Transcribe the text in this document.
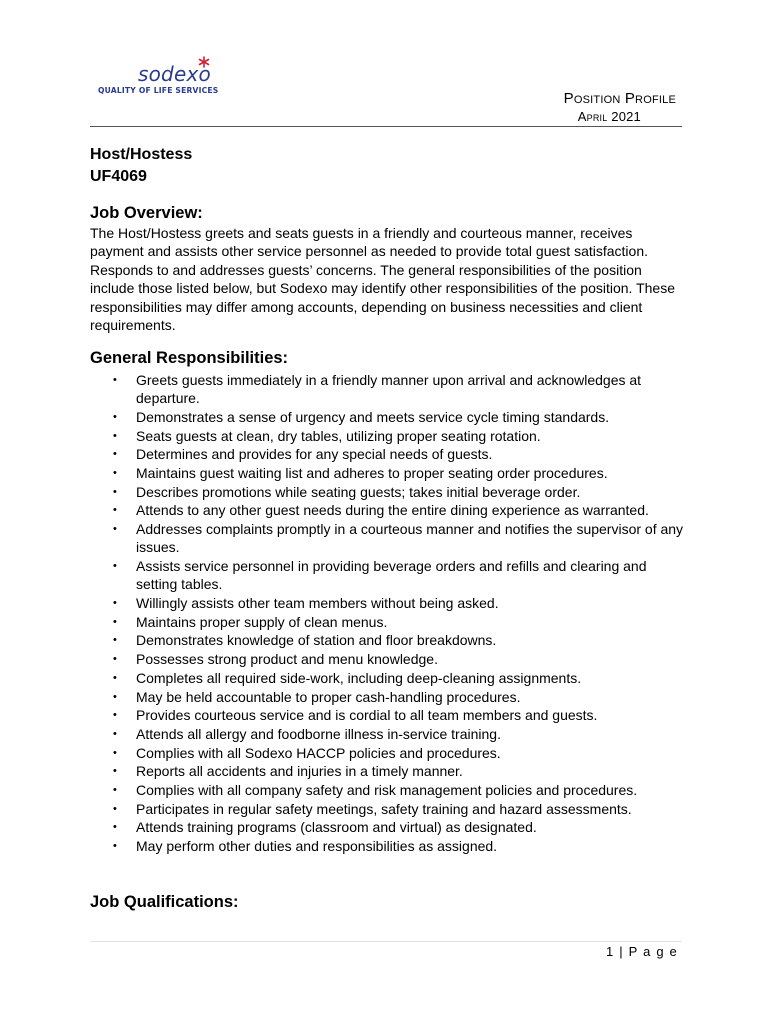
sodexo
QUALITY OF LIFE SERVICES	Position Profile
April 2021
Host/Hostess
UF4069
Job Overview:
The Host/Hostess greets and seats guests in a friendly and courteous manner, receives payment and assists other service personnel as needed to provide total guest satisfaction. Responds to and addresses guests’ concerns. The general responsibilities of the position include those listed below, but Sodexo may identify other responsibilities of the position. These responsibilities may differ among accounts, depending on business necessities and client requirements.
General Responsibilities:
• Greets guests immediately in a friendly manner upon arrival and acknowledges at departure.
• Demonstrates a sense of urgency and meets service cycle timing standards.
• Seats guests at clean, dry tables, utilizing proper seating rotation.
• Determines and provides for any special needs of guests.
• Maintains guest waiting list and adheres to proper seating order procedures.
• Describes promotions while seating guests; takes initial beverage order.
• Attends to any other guest needs during the entire dining experience as warranted.
• Addresses complaints promptly in a courteous manner and notifies the supervisor of any issues.
• Assists service personnel in providing beverage orders and refills and clearing and setting tables.
• Willingly assists other team members without being asked.
• Maintains proper supply of clean menus.
• Demonstrates knowledge of station and floor breakdowns.
• Possesses strong product and menu knowledge.
• Completes all required side-work, including deep-cleaning assignments.
• May be held accountable to proper cash-handling procedures.
• Provides courteous service and is cordial to all team members and guests.
• Attends all allergy and foodborne illness in-service training.
• Complies with all Sodexo HACCP policies and procedures.
• Reports all accidents and injuries in a timely manner.
• Complies with all company safety and risk management policies and procedures.
• Participates in regular safety meetings, safety training and hazard assessments.
• Attends training programs (classroom and virtual) as designated.
• May perform other duties and responsibilities as assigned.
Job Qualifications:
1 | P a g e
